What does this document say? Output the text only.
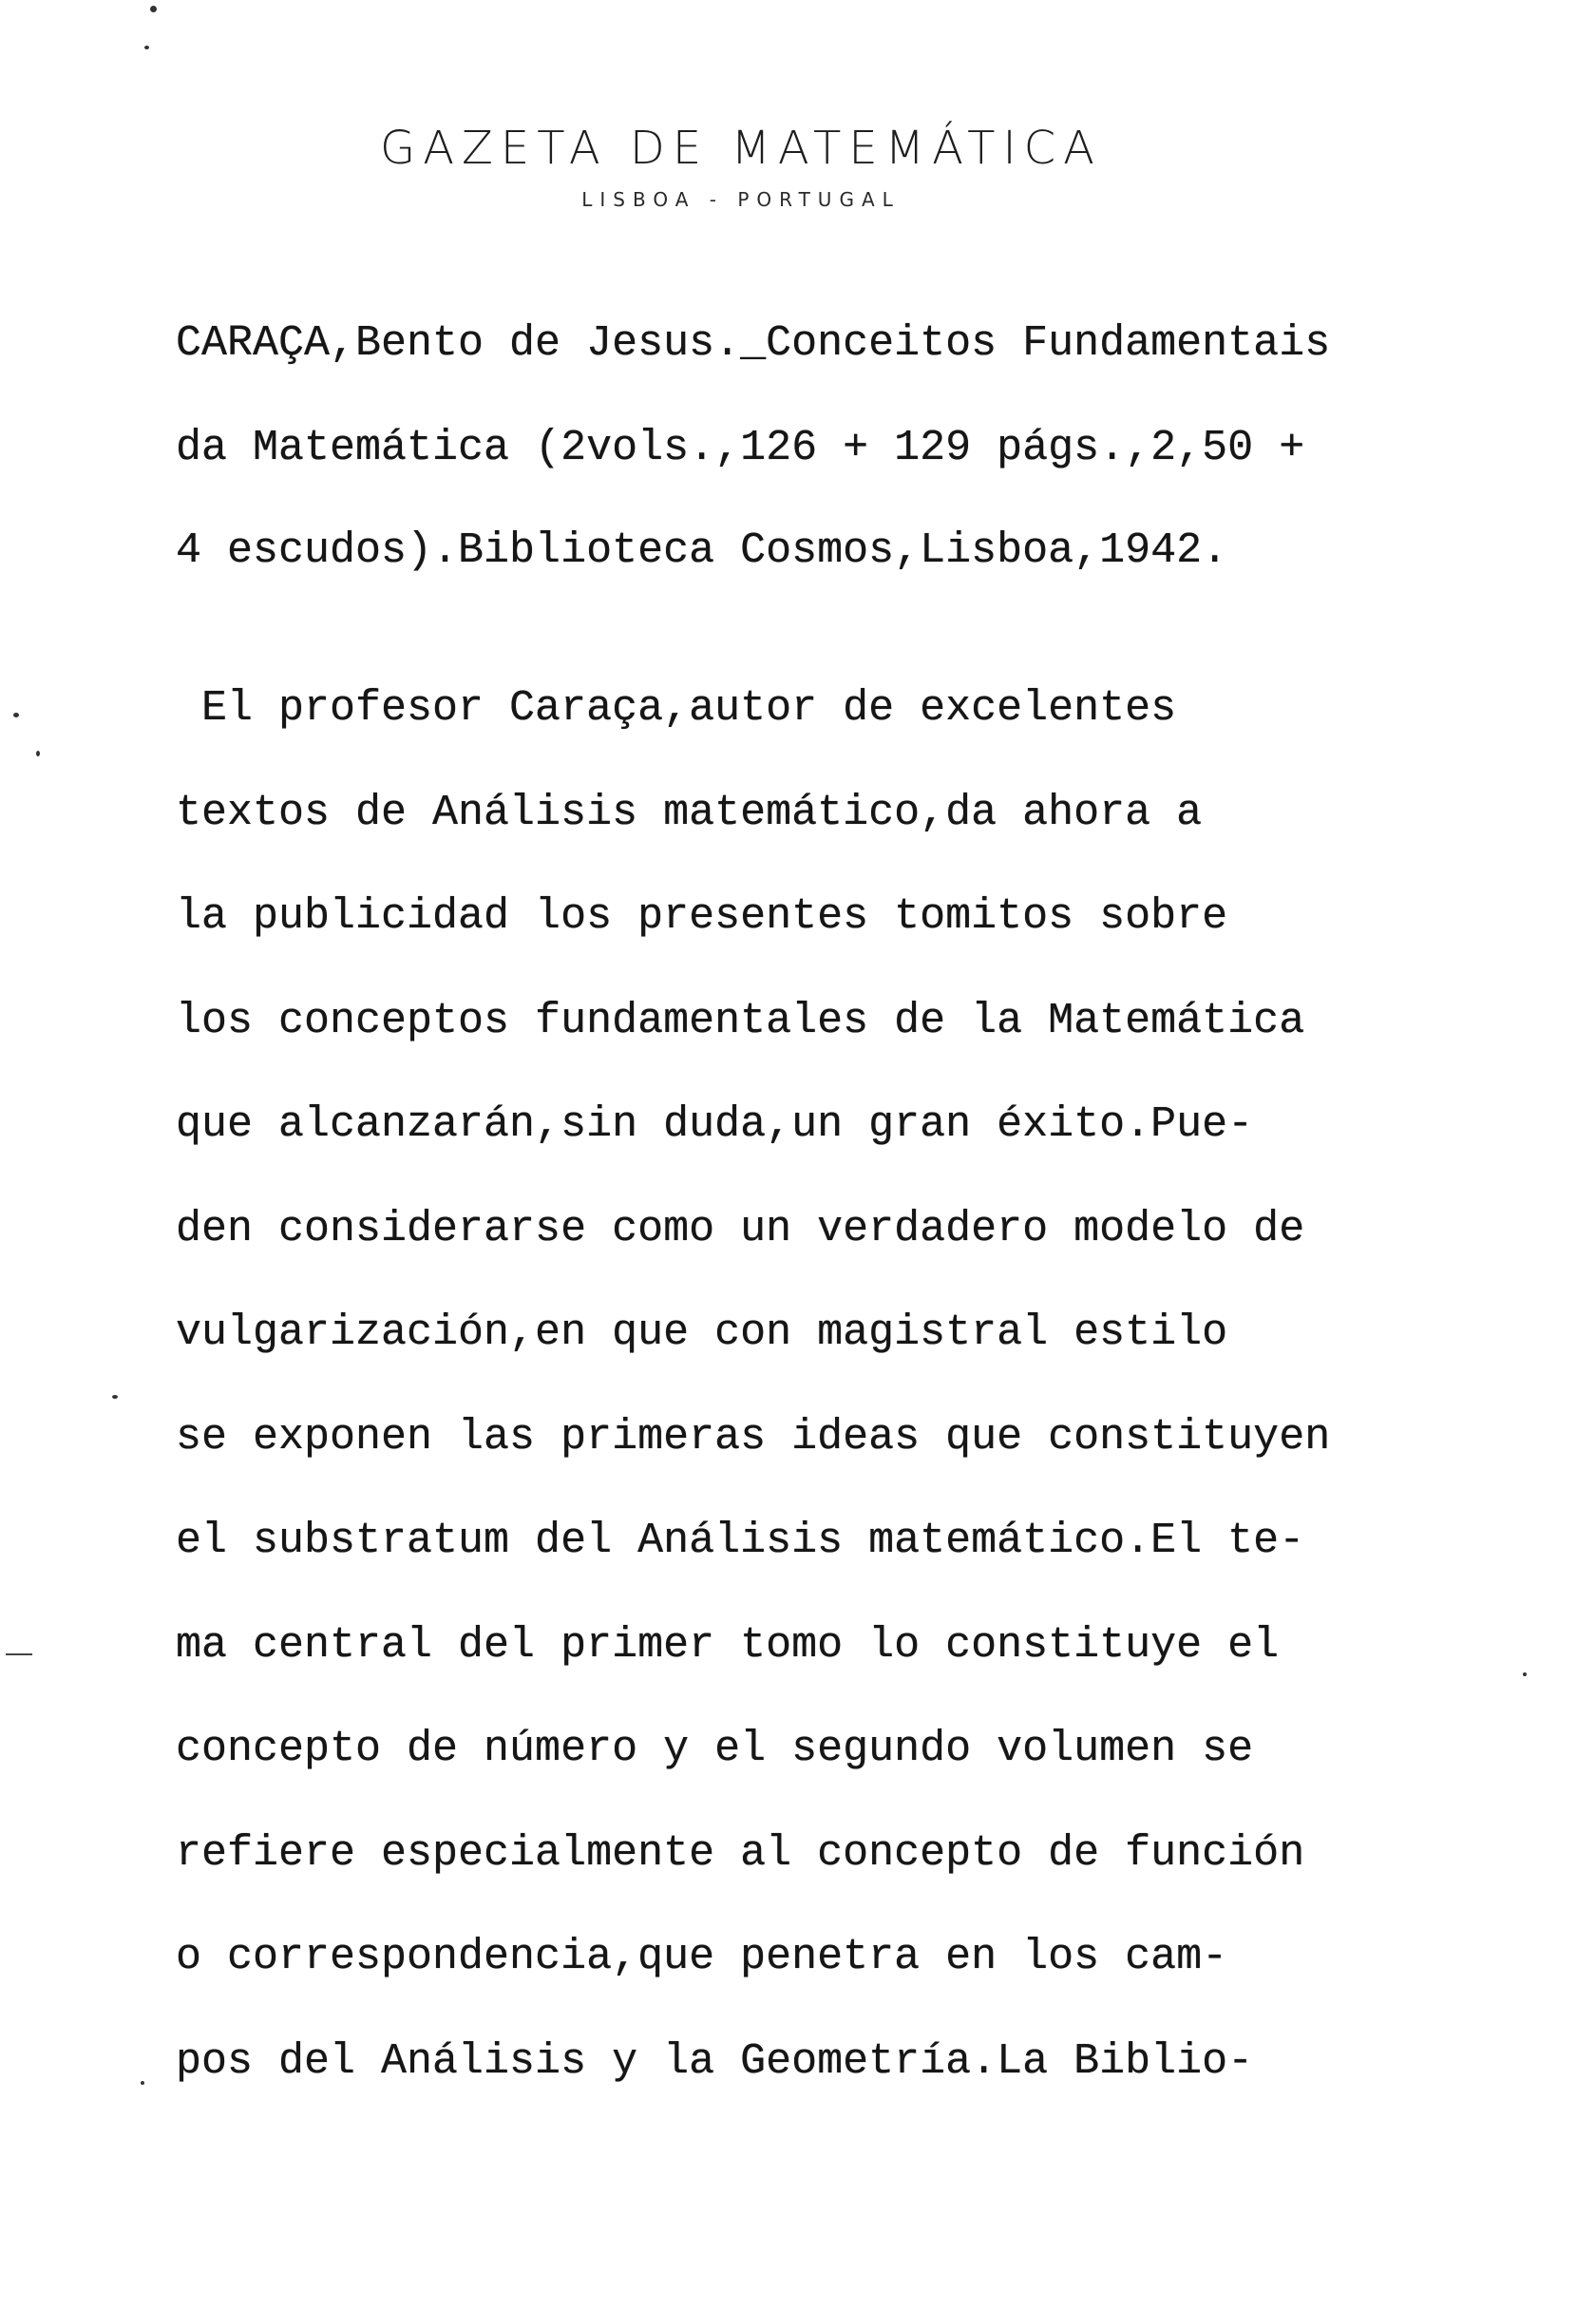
GAZETA DE MATEMÁTICA
LISBOA - PORTUGAL

CARAÇA,Bento de Jesus._Conceitos Fundamentais

da Matemática (2vols.,126 + 129 págs.,2,50 +

4 escudos).Biblioteca Cosmos,Lisboa,1942.

El profesor Caraça,autor de excelentes

textos de Análisis matemático,da ahora a

la publicidad los presentes tomitos sobre

los conceptos fundamentales de la Matemática

que alcanzarán,sin duda,un gran éxito.Pue-

den considerarse como un verdadero modelo de

vulgarización,en que con magistral estilo

se exponen las primeras ideas que constituyen

el substratum del Análisis matemático.El te-

ma central del primer tomo lo constituye el

concepto de número y el segundo volumen se

refiere especialmente al concepto de función

o correspondencia,que penetra en los cam-

pos del Análisis y la Geometría.La Biblio-
